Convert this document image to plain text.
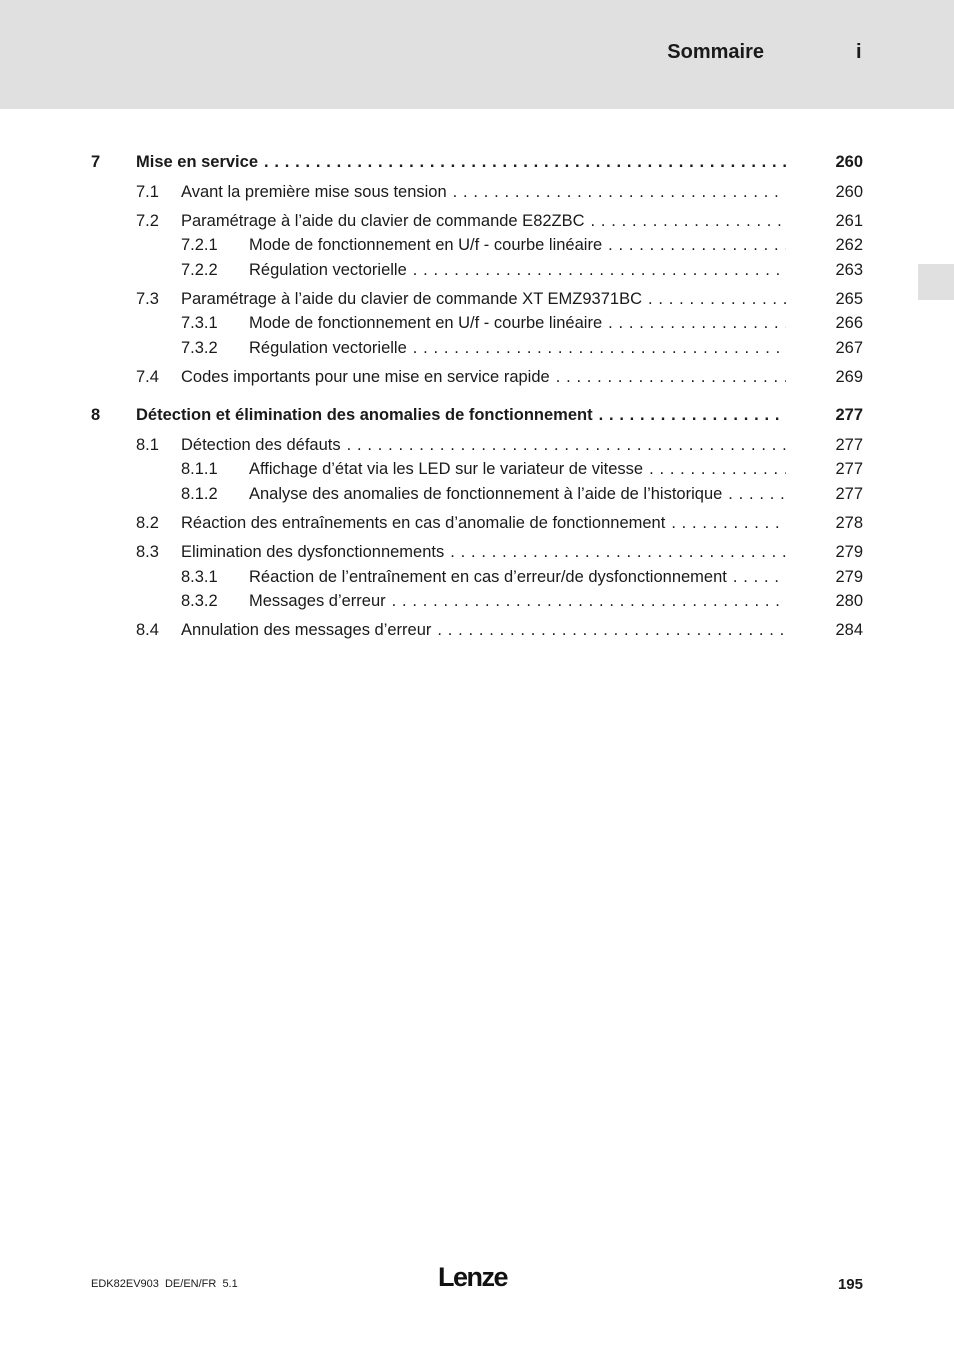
Sommaire	i
7 Mise en service . . .	260
7.1 Avant la première mise sous tension . . .	260
7.2 Paramétrage à l’aide du clavier de commande E82ZBC . . .	261
7.2.1 Mode de fonctionnement en U/f - courbe linéaire . . .	262
7.2.2 Régulation vectorielle . . .	263
7.3 Paramétrage à l’aide du clavier de commande XT EMZ9371BC . . .	265
7.3.1 Mode de fonctionnement en U/f - courbe linéaire . . .	266
7.3.2 Régulation vectorielle . . .	267
7.4 Codes importants pour une mise en service rapide . . .	269
8 Détection et élimination des anomalies de fonctionnement . . .	277
8.1 Détection des défauts . . .	277
8.1.1 Affichage d’état via les LED sur le variateur de vitesse . . .	277
8.1.2 Analyse des anomalies de fonctionnement à l’aide de l’historique . . .	277
8.2 Réaction des entraînements en cas d’anomalie de fonctionnement . . .	278
8.3 Elimination des dysfonctionnements . . .	279
8.3.1 Réaction de l’entraînement en cas d’erreur/de dysfonctionnement . . .	279
8.3.2 Messages d’erreur . . .	280
8.4 Annulation des messages d’erreur . . .	284
EDK82EV903  DE/EN/FR  5.1	Lenze	195
